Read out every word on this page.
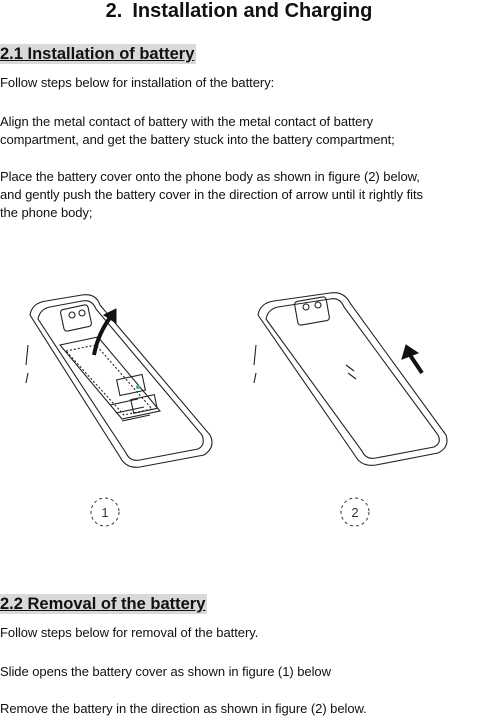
2. Installation and Charging
2.1 Installation of battery
Follow steps below for installation of the battery:
Align the metal contact of battery with the metal contact of battery
compartment, and get the battery stuck into the battery compartment;
Place the battery cover onto the phone body as shown in figure (2) below,
and gently push the battery cover in the direction of arrow until it rightly fits
the phone body;
1	2
2.2 Removal of the battery
Follow steps below for removal of the battery.
Slide opens the battery cover as shown in figure (1) below
Remove the battery in the direction as shown in figure (2) below.
